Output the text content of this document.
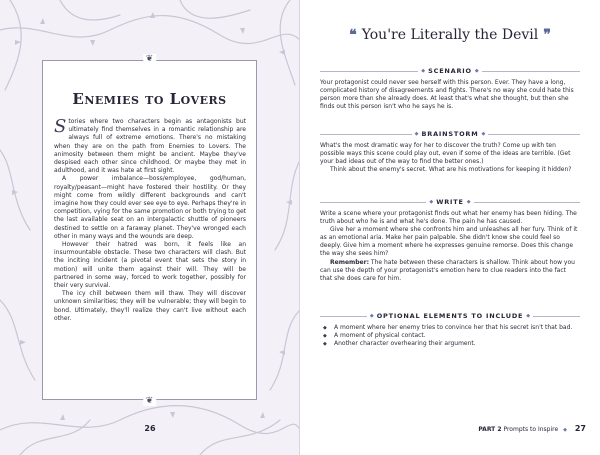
❦
❦
Enemies to Lovers

Stories where two characters begin as antagonists but ultimately find themselves in a romantic relationship are always full of extreme emotions. There's no mistaking when they are on the path from Enemies to Lovers. The animosity between them might be ancient. Maybe they've despised each other since childhood. Or maybe they met in adulthood, and it was hate at first sight.

A power imbalance—boss/employee, god/human, royalty/peasant—might have fostered their hostility. Or they might come from wildly different backgrounds and can't imagine how they could ever see eye to eye. Perhaps they're in competition, vying for the same promotion or both trying to get the last available seat on an intergalactic shuttle of pioneers destined to settle on a faraway planet. They've wronged each other in many ways and the wounds are deep.

However their hatred was born, it feels like an insurmountable obstacle. These two characters will clash. But the inciting incident (a pivotal event that sets the story in motion) will unite them against their will. They will be partnered in some way, forced to work together, possibly for their very survival.

The icy chill between them will thaw. They will discover unknown similarities; they will be vulnerable; they will begin to bond. Ultimately, they'll realize they can't live without each other.

26
❝ You're Literally the Devil ❞
◆ SCENARIO ◆

Your protagonist could never see herself with this person. Ever. They have a long, complicated history of disagreements and fights. There's no way she could hate this person more than she already does. At least that's what she thought, but then she finds out this person isn't who he says he is.

◆ BRAINSTORM ◆

What's the most dramatic way for her to discover the truth? Come up with ten possible ways this scene could play out, even if some of the ideas are terrible. (Get your bad ideas out of the way to find the better ones.)

Think about the enemy's secret. What are his motivations for keeping it hidden?

◆ WRITE ◆

Write a scene where your protagonist finds out what her enemy has been hiding. The truth about who he is and what he's done. The pain he has caused.

Give her a moment where she confronts him and unleashes all her fury. Think of it as an emotional aria. Make her pain palpable. She didn't know she could feel so deeply. Give him a moment where he expresses genuine remorse. Does this change the way she sees him?

Remember: The hate between these characters is shallow. Think about how you can use the depth of your protagonist's emotion here to clue readers into the fact that she does care for him.

◆ OPTIONAL ELEMENTS TO INCLUDE ◆
◆ A moment where her enemy tries to convince her that his secret isn't that bad.
◆ A moment of physical contact.
◆ Another character overhearing their argument.
PART 2 Prompts to Inspire ◆ 27
